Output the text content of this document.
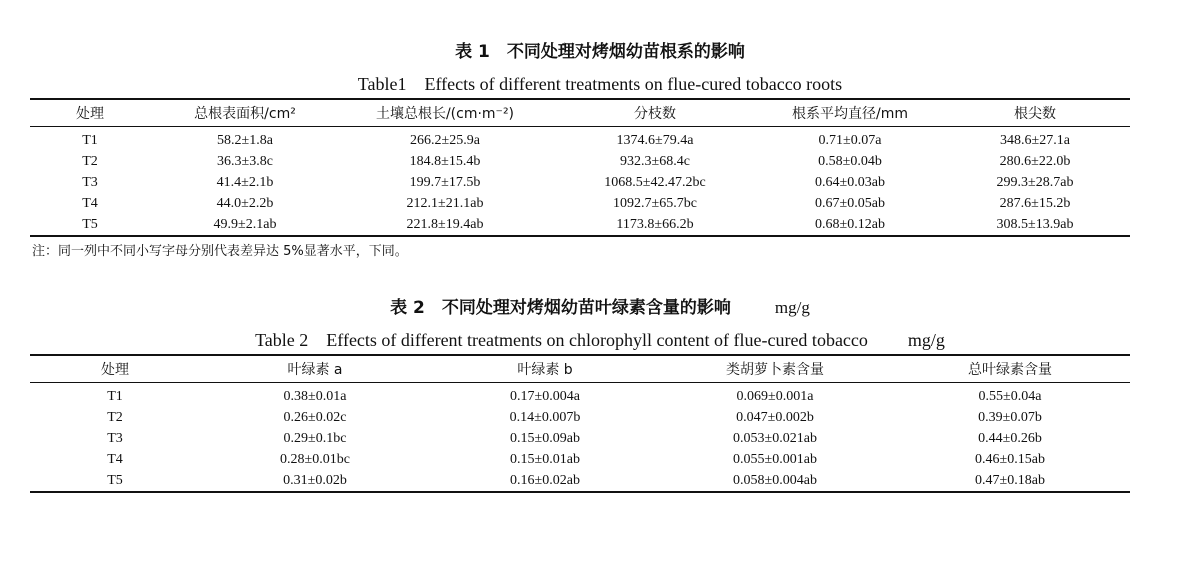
表 1　不同处理对烤烟幼苗根系的影响
Table1　Effects of different treatments on flue-cured tobacco roots
处理	总根表面积/cm²	土壤总根长/(cm·m⁻²)	分枝数	根系平均直径/mm	根尖数
T1	58.2±1.8a	266.2±25.9a	1374.6±79.4a	0.71±0.07a	348.6±27.1a
T2	36.3±3.8c	184.8±15.4b	932.3±68.4c	0.58±0.04b	280.6±22.0b
T3	41.4±2.1b	199.7±17.5b	1068.5±42.47.2bc	0.64±0.03ab	299.3±28.7ab
T4	44.0±2.2b	212.1±21.1ab	1092.7±65.7bc	0.67±0.05ab	287.6±15.2b
T5	49.9±2.1ab	221.8±19.4ab	1173.8±66.2b	0.68±0.12ab	308.5±13.9ab
注：同一列中不同小写字母分别代表差异达 5%显著水平，下同。
表 2　不同处理对烤烟幼苗叶绿素含量的影响	mg/g
Table 2　Effects of different treatments on chlorophyll content of flue-cured tobacco mg/g
处理	叶绿素 a	叶绿素 b	类胡萝卜素含量	总叶绿素含量
T1	0.38±0.01a	0.17±0.004a	0.069±0.001a	0.55±0.04a
T2	0.26±0.02c	0.14±0.007b	0.047±0.002b	0.39±0.07b
T3	0.29±0.1bc	0.15±0.09ab	0.053±0.021ab	0.44±0.26b
T4	0.28±0.01bc	0.15±0.01ab	0.055±0.001ab	0.46±0.15ab
T5	0.31±0.02b	0.16±0.02ab	0.058±0.004ab	0.47±0.18ab
